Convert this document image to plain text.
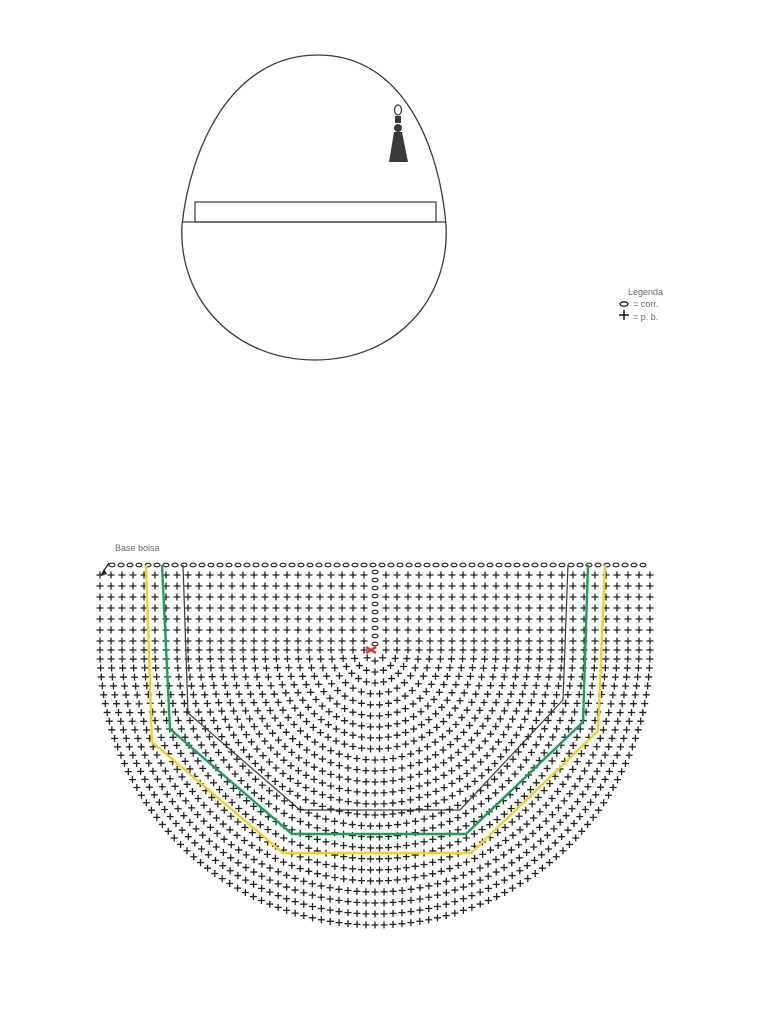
Legenda
= corr.
= p. b.
Base bolsa
